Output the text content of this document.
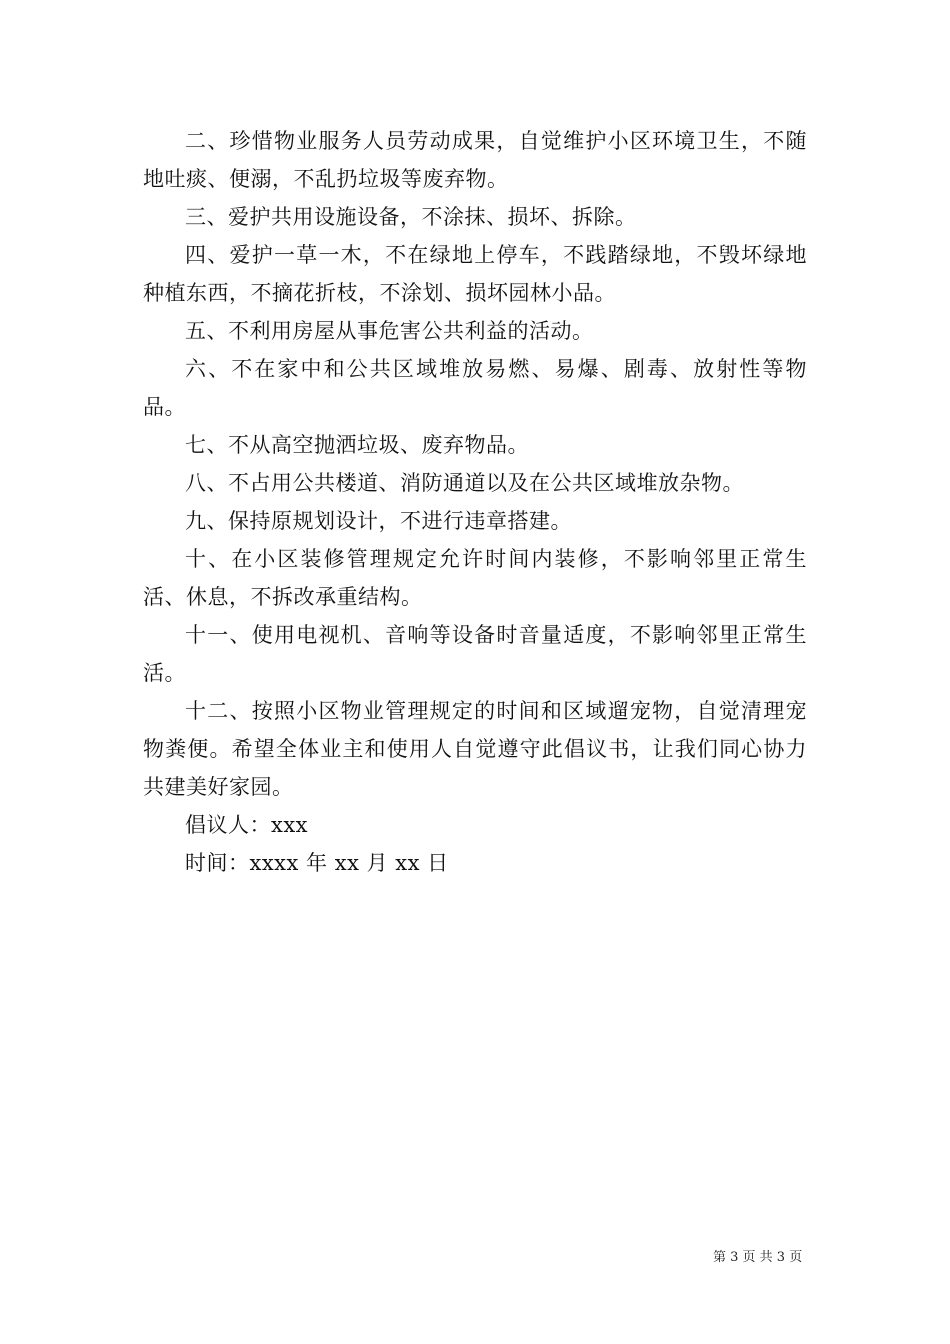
二、珍惜物业服务人员劳动成果，自觉维护小区环境卫生，不随地吐痰、便溺，不乱扔垃圾等废弃物。

三、爱护共用设施设备，不涂抹、损坏、拆除。

四、爱护一草一木，不在绿地上停车，不践踏绿地，不毁坏绿地种植东西，不摘花折枝，不涂划、损坏园林小品。

五、不利用房屋从事危害公共利益的活动。

六、不在家中和公共区域堆放易燃、易爆、剧毒、放射性等物品。

七、不从高空抛洒垃圾、废弃物品。

八、不占用公共楼道、消防通道以及在公共区域堆放杂物。

九、保持原规划设计，不进行违章搭建。

十、在小区装修管理规定允许时间内装修，不影响邻里正常生活、休息，不拆改承重结构。

十一、使用电视机、音响等设备时音量适度，不影响邻里正常生活。

十二、按照小区物业管理规定的时间和区域遛宠物，自觉清理宠物粪便。希望全体业主和使用人自觉遵守此倡议书，让我们同心协力共建美好家园。

倡议人：xxx

时间：xxxx 年 xx 月 xx 日

第 3 页 共 3 页
